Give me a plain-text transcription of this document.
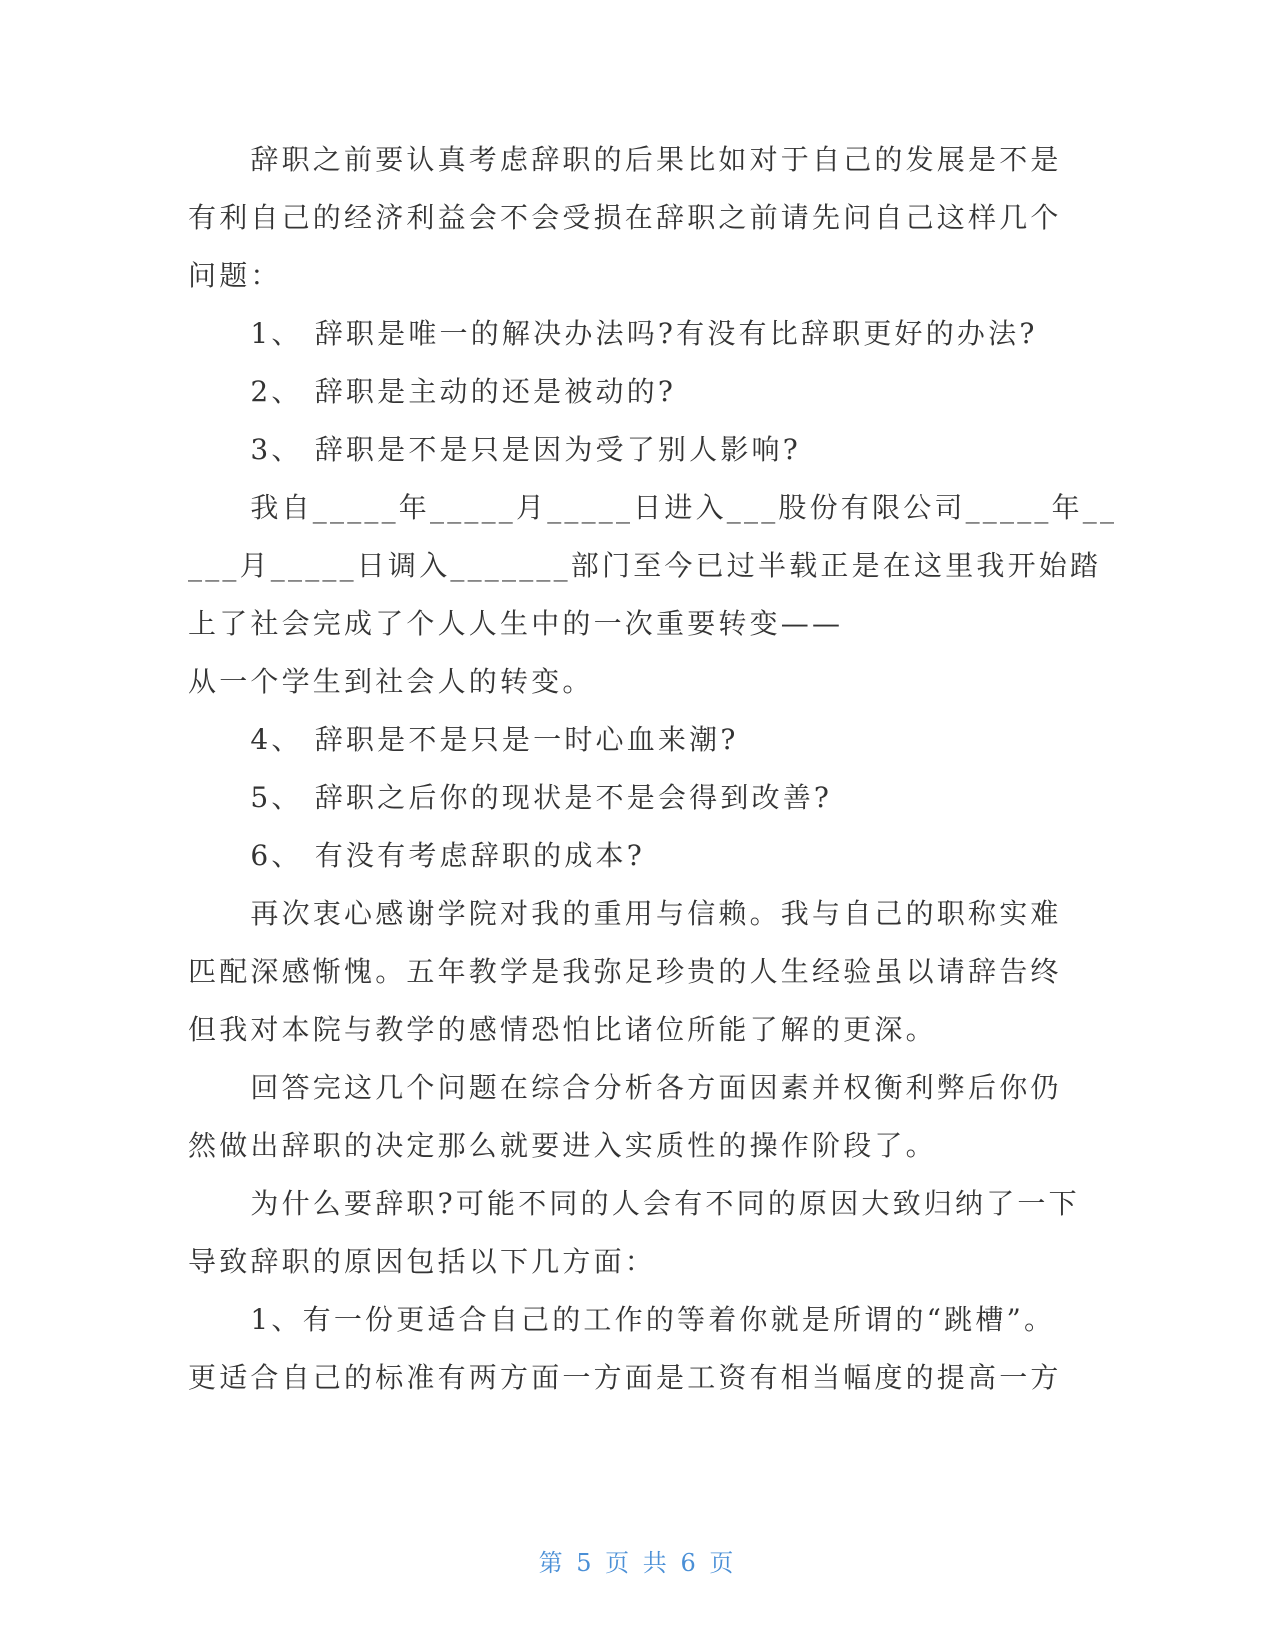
　　辞职之前要认真考虑辞职的后果比如对于自己的发展是不是
有利自己的经济利益会不会受损在辞职之前请先问自己这样几个
问题：
　　1、 辞职是唯一的解决办法吗?有没有比辞职更好的办法?
　　2、 辞职是主动的还是被动的?
　　3、 辞职是不是只是因为受了别人影响?
　　我自_____年_____月_____日进入___股份有限公司_____年__
___月_____日调入_______部门至今已过半载正是在这里我开始踏
上了社会完成了个人人生中的一次重要转变——
从一个学生到社会人的转变。
　　4、 辞职是不是只是一时心血来潮?
　　5、 辞职之后你的现状是不是会得到改善?
　　6、 有没有考虑辞职的成本?
　　再次衷心感谢学院对我的重用与信赖。我与自己的职称实难
匹配深感惭愧。五年教学是我弥足珍贵的人生经验虽以请辞告终
但我对本院与教学的感情恐怕比诸位所能了解的更深。
　　回答完这几个问题在综合分析各方面因素并权衡利弊后你仍
然做出辞职的决定那么就要进入实质性的操作阶段了。
　　为什么要辞职?可能不同的人会有不同的原因大致归纳了一下
导致辞职的原因包括以下几方面：
　　1、有一份更适合自己的工作的等着你就是所谓的“跳槽”。
更适合自己的标准有两方面一方面是工资有相当幅度的提高一方
第 5 页 共 6 页
